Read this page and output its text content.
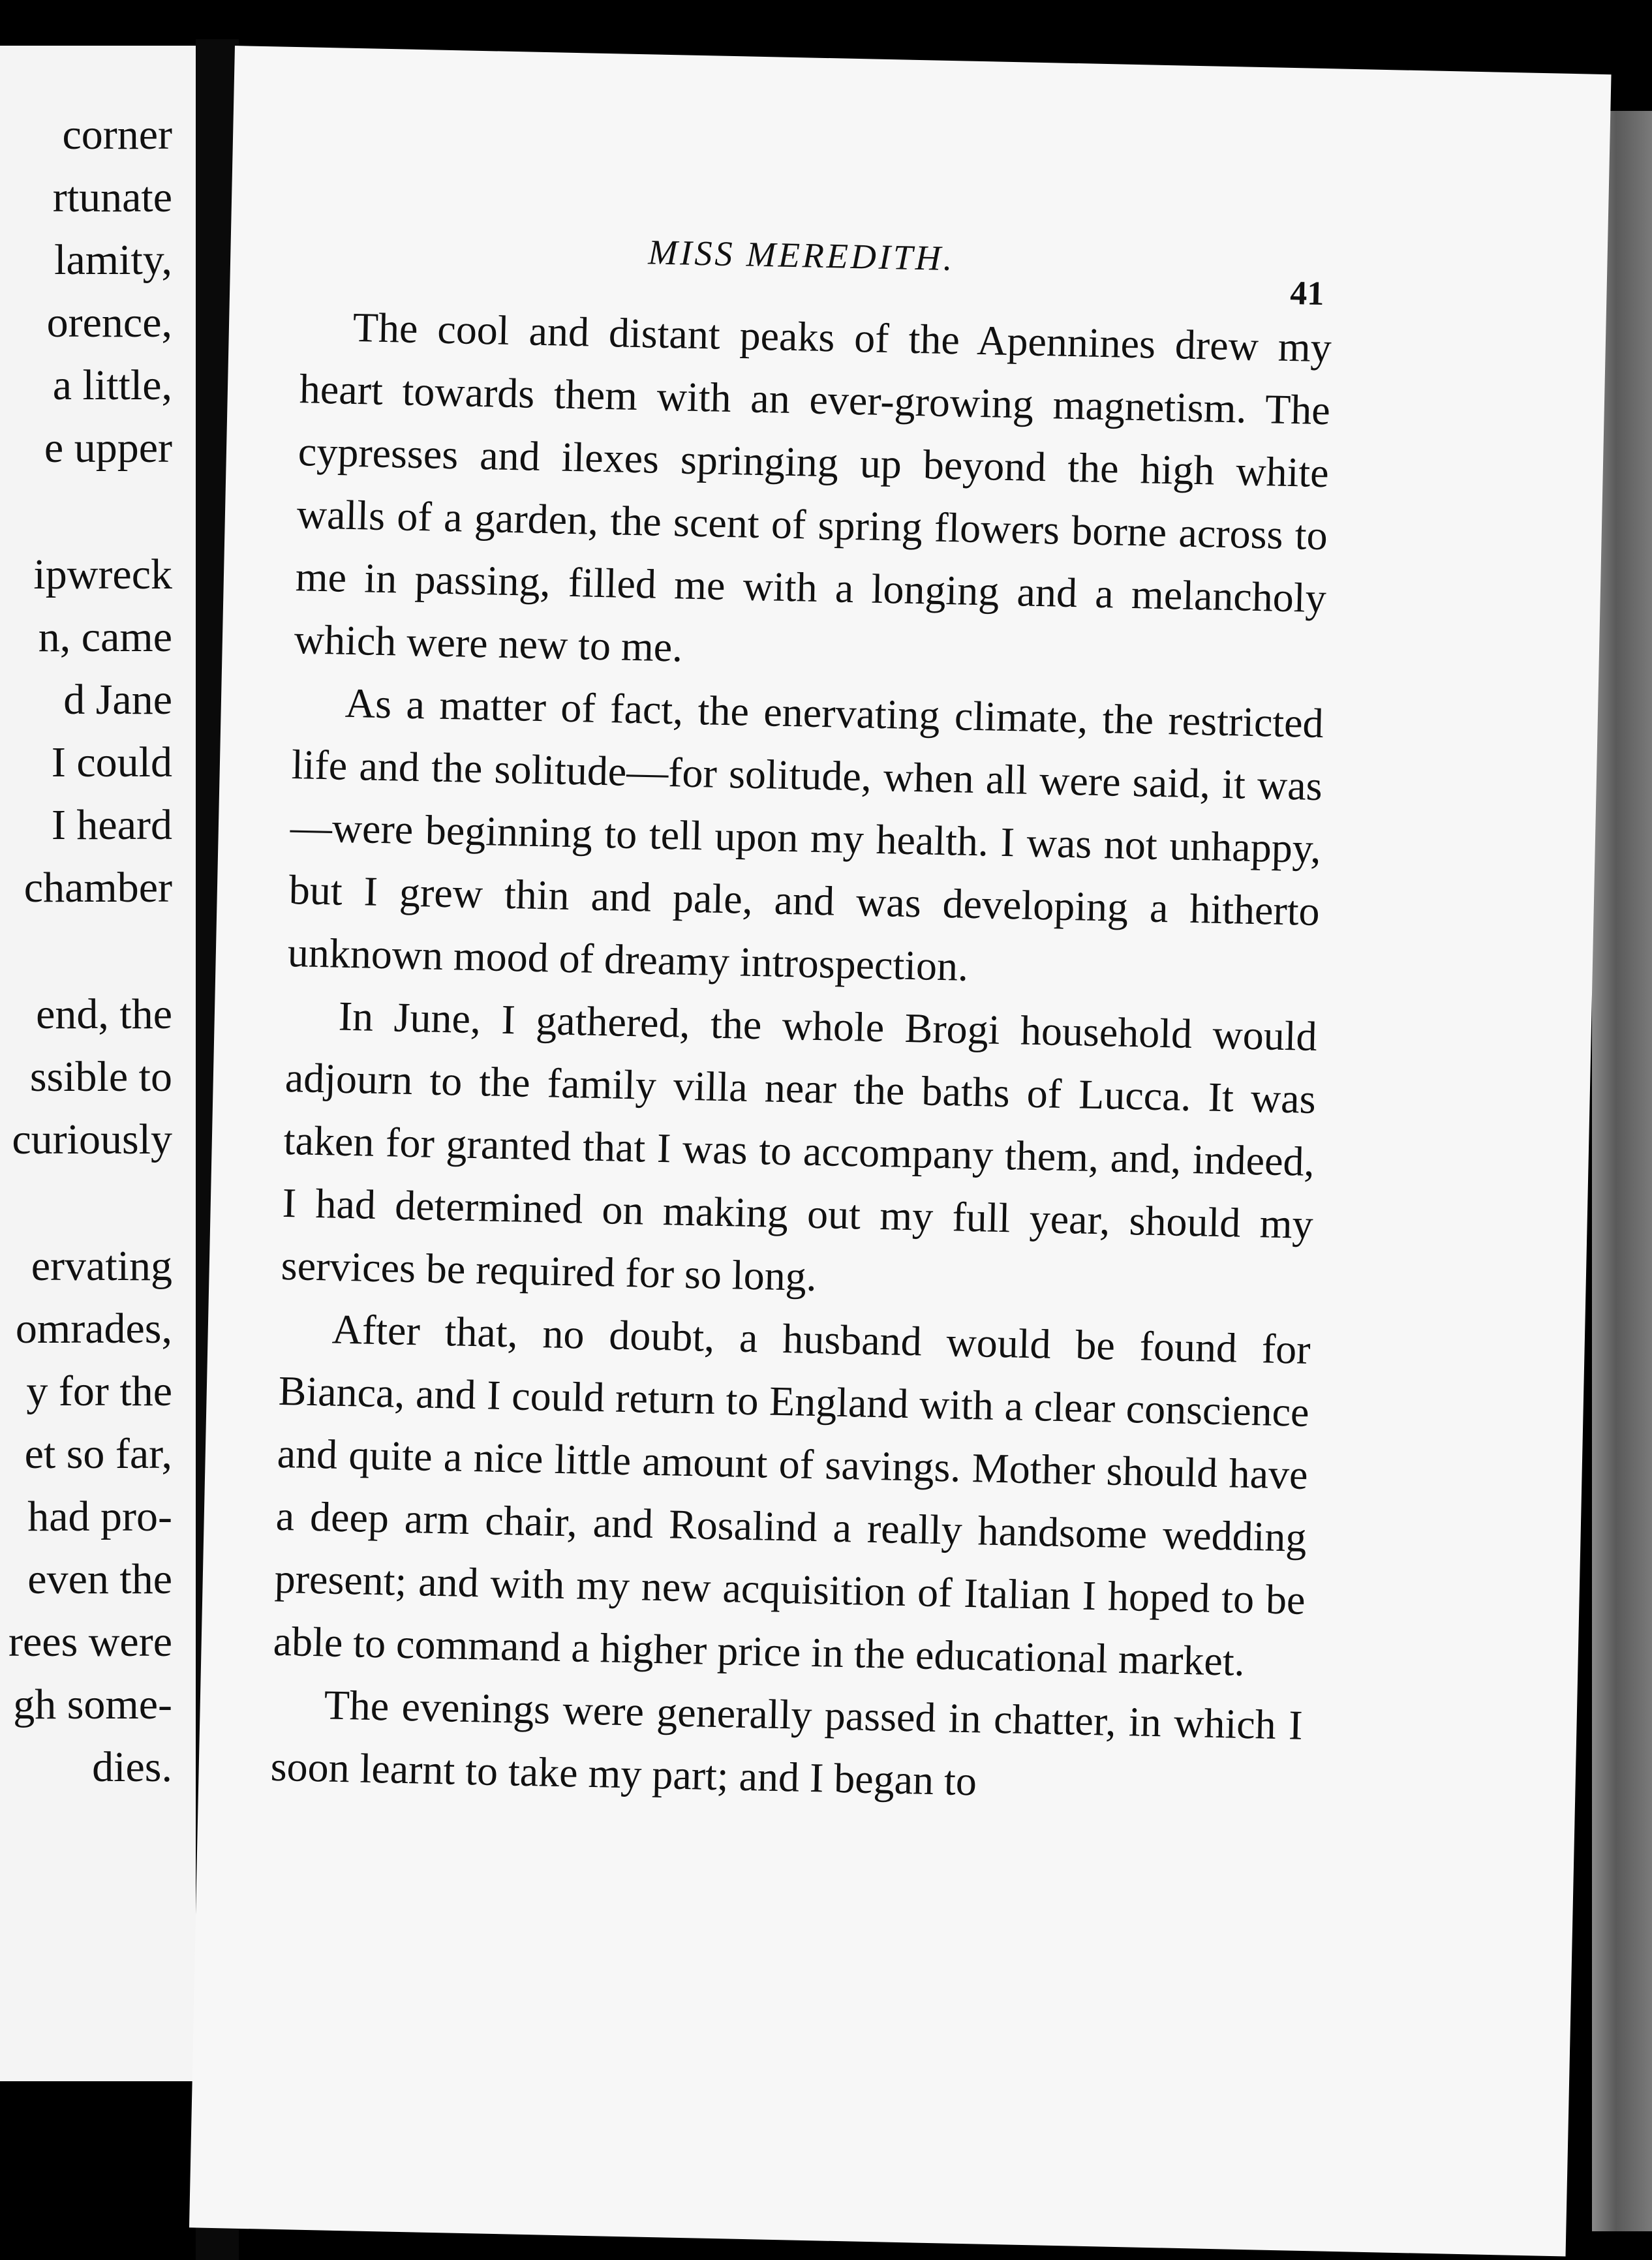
corner
rtunate
lamity,
orence,
a little,
e upper
ipwreck
n, came
d Jane
I could
I heard
chamber
end, the
ssible to
curiously
ervating
omrades,
y for the
et so far,
had pro-
even the
rees were
gh some-
dies.
MISS MEREDITH.
41

The cool and distant peaks of the Apennines drew my heart towards them with an ever-growing magnetism. The cypresses and ilexes springing up beyond the high white walls of a garden, the scent of spring flowers borne across to me in passing, filled me with a longing and a melancholy which were new to me.

As a matter of fact, the enervating climate, the restricted life and the solitude—for solitude, when all were said, it was—were beginning to tell upon my health. I was not unhappy, but I grew thin and pale, and was developing a hitherto unknown mood of dreamy introspection.

In June, I gathered, the whole Brogi household would adjourn to the family villa near the baths of Lucca. It was taken for granted that I was to accompany them, and, indeed, I had determined on making out my full year, should my services be required for so long.

After that, no doubt, a husband would be found for Bianca, and I could return to England with a clear conscience and quite a nice little amount of savings. Mother should have a deep arm chair, and Rosalind a really handsome wedding present; and with my new acquisition of Italian I hoped to be able to command a higher price in the educational market.

The evenings were generally passed in chatter, in which I soon learnt to take my part; and I began to
